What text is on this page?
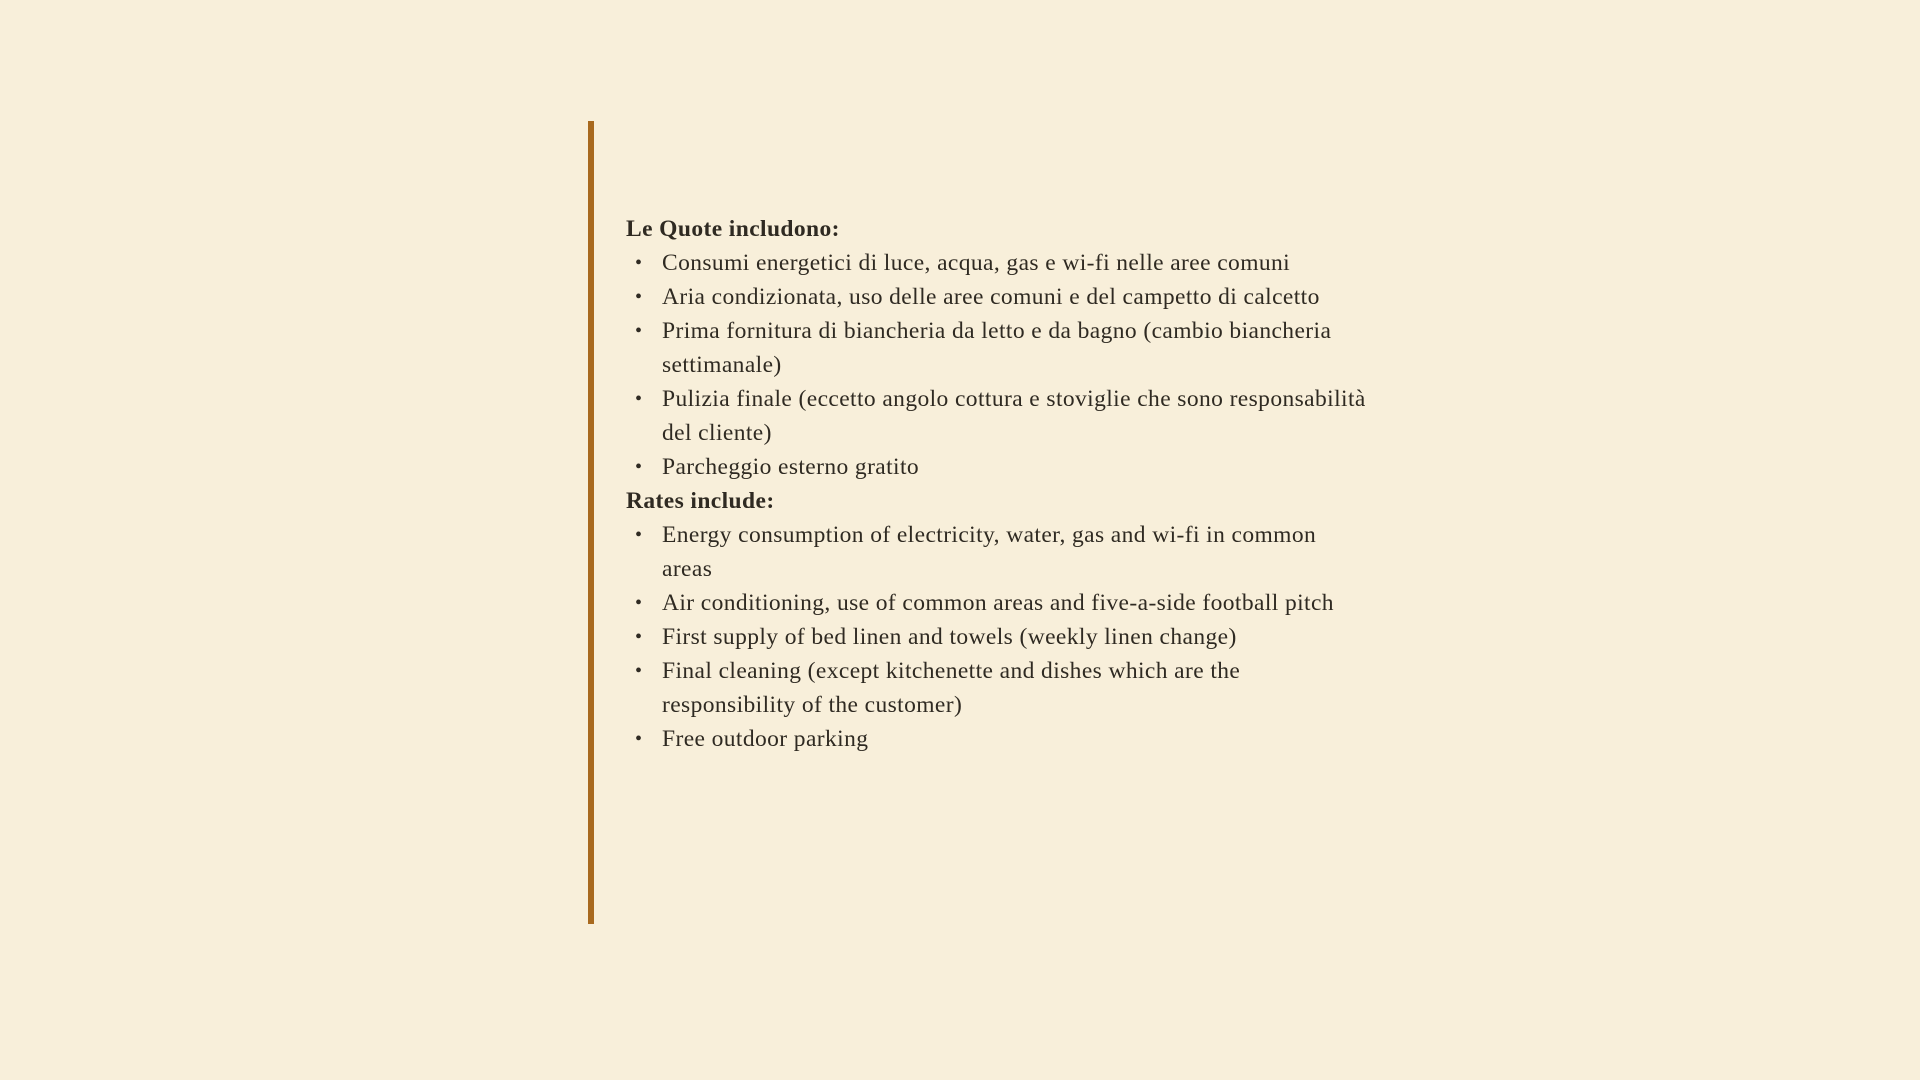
Le Quote includono:

• Consumi energetici di luce, acqua, gas e wi-fi nelle aree comuni
• Aria condizionata, uso delle aree comuni e del campetto di calcetto
• Prima fornitura di biancheria da letto e da bagno (cambio biancheria settimanale)
• Pulizia finale (eccetto angolo cottura e stoviglie che sono responsabilità del cliente)
• Parcheggio esterno gratito

Rates include:

• Energy consumption of electricity, water, gas and wi-fi in common areas
• Air conditioning, use of common areas and five-a-side football pitch
• First supply of bed linen and towels (weekly linen change)
• Final cleaning (except kitchenette and dishes which are the responsibility of the customer)
• Free outdoor parking
